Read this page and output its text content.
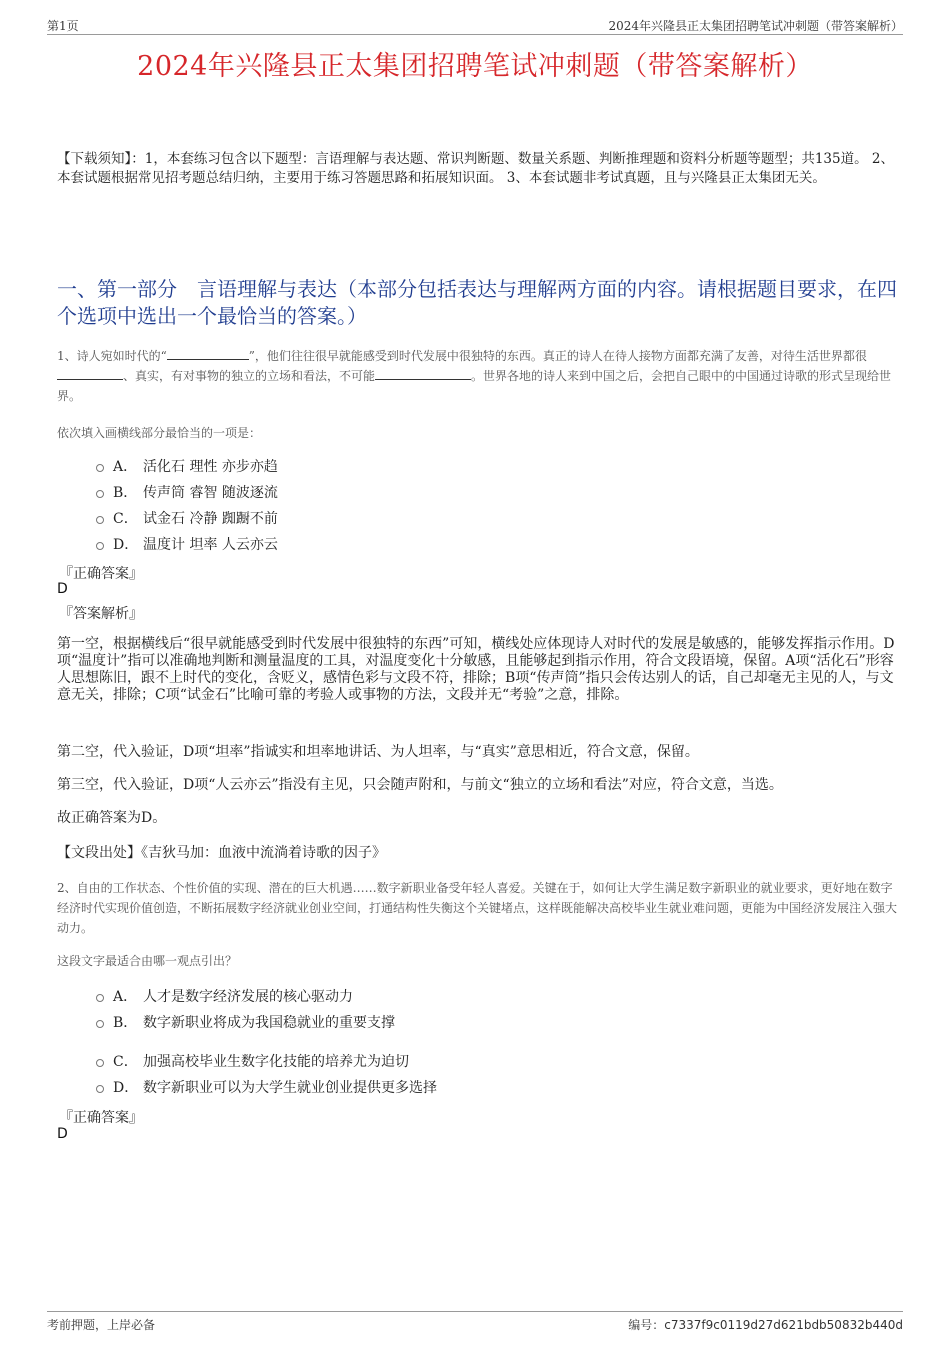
第1页	2024年兴隆县正太集团招聘笔试冲刺题（带答案解析）
2024年兴隆县正太集团招聘笔试冲刺题（带答案解析）
【下载须知】：1，本套练习包含以下题型：言语理解与表达题、常识判断题、数量关系题、判断推理题和资料分析题等题型；共135道。 2、本套试题根据常见招考题总结归纳，主要用于练习答题思路和拓展知识面。 3、本套试题非考试真题，且与兴隆县正太集团无关。
一、第一部分　言语理解与表达（本部分包括表达与理解两方面的内容。请根据题目要求，在四个选项中选出一个最恰当的答案。）
1、诗人宛如时代的“	”，他们往往很早就能感受到时代发展中很独特的东西。真正的诗人在待人接物方面都充满了友善，对待生活世界都很、真实，有对事物的独立的立场和看法，不可能	。世界各地的诗人来到中国之后，会把自己眼中的中国通过诗歌的形式呈现给世界。
依次填入画横线部分最恰当的一项是：
A． 活化石 理性 亦步亦趋
B． 传声筒 睿智 随波逐流
C． 试金石 冷静 踟蹰不前
D． 温度计 坦率 人云亦云
『正确答案』
D
『答案解析』
第一空，根据横线后“很早就能感受到时代发展中很独特的东西”可知，横线处应体现诗人对时代的发展是敏感的，能够发挥指示作用。D项“温度计”指可以准确地判断和测量温度的工具，对温度变化十分敏感，且能够起到指示作用，符合文段语境，保留。A项“活化石”形容人思想陈旧，跟不上时代的变化，含贬义，感情色彩与文段不符，排除；B项“传声筒”指只会传达别人的话，自己却毫无主见的人，与文意无关，排除；C项“试金石”比喻可靠的考验人或事物的方法，文段并无“考验”之意，排除。
第二空，代入验证，D项“坦率”指诚实和坦率地讲话、为人坦率，与“真实”意思相近，符合文意，保留。
第三空，代入验证，D项“人云亦云”指没有主见，只会随声附和，与前文“独立的立场和看法”对应，符合文意，当选。
故正确答案为D。
【文段出处】《吉狄马加：血液中流淌着诗歌的因子》
2、自由的工作状态、个性价值的实现、潜在的巨大机遇……数字新职业备受年轻人喜爱。关键在于，如何让大学生满足数字新职业的就业要求，更好地在数字经济时代实现价值创造，不断拓展数字经济就业创业空间，打通结构性失衡这个关键堵点，这样既能解决高校毕业生就业难问题，更能为中国经济发展注入强大动力。
这段文字最适合由哪一观点引出？
A． 人才是数字经济发展的核心驱动力
B． 数字新职业将成为我国稳就业的重要支撑
C． 加强高校毕业生数字化技能的培养尤为迫切
D． 数字新职业可以为大学生就业创业提供更多选择
『正确答案』
D
考前押题，上岸必备	编号：c7337f9c0119d27d621bdb50832b440d
